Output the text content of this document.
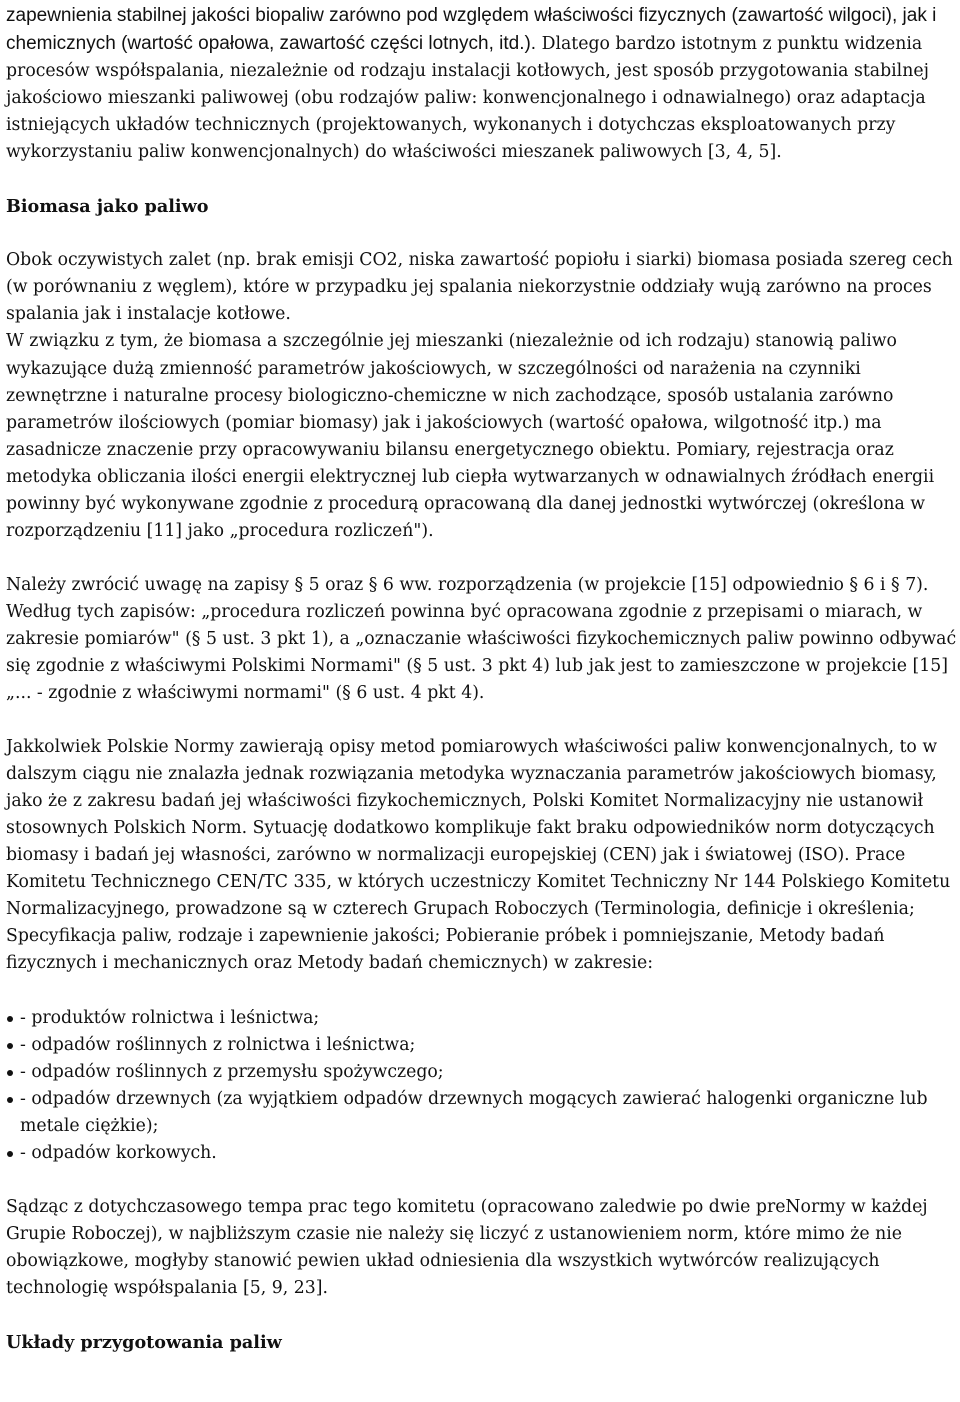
zapewnienia stabilnej jakości biopaliw zarówno pod względem właściwości fizycznych (zawartość wilgoci), jak i chemicznych (wartość opałowa, zawartość części lotnych, itd.). Dlatego bardzo istotnym z punktu widzenia procesów współspalania, niezależnie od rodzaju instalacji kotłowych, jest sposób przygotowania stabilnej jakościowo mieszanki paliwowej (obu rodzajów paliw: konwencjonalnego i odnawialnego) oraz adaptacja istniejących układów technicznych (projektowanych, wykonanych i dotychczas eksploatowanych przy wykorzystaniu paliw konwencjonalnych) do właściwości mieszanek paliwowych [3, 4, 5].

Biomasa jako paliwo

Obok oczywistych zalet (np. brak emisji CO2, niska zawartość popiołu i siarki) biomasa posiada szereg cech (w porównaniu z węglem), które w przypadku jej spalania niekorzystnie oddziały wują zarówno na proces spalania jak i instalacje kotłowe.

W związku z tym, że biomasa a szczególnie jej mieszanki (niezależnie od ich rodzaju) stanowią paliwo wykazujące dużą zmienność parametrów jakościowych, w szczególności od narażenia na czynniki zewnętrzne i naturalne procesy biologiczno-chemiczne w nich zachodzące, sposób ustalania zarówno parametrów ilościowych (pomiar biomasy) jak i jakościowych (wartość opałowa, wilgotność itp.) ma zasadnicze znaczenie przy opracowywaniu bilansu energetycznego obiektu. Pomiary, rejestracja oraz metodyka obliczania ilości energii elektrycznej lub ciepła wytwarzanych w odnawialnych źródłach energii powinny być wykonywane zgodnie z procedurą opracowaną dla danej jednostki wytwórczej (określona w rozporządzeniu [11] jako „procedura rozliczeń").

Należy zwrócić uwagę na zapisy § 5 oraz § 6 ww. rozporządzenia (w projekcie [15] odpowiednio § 6 i § 7). Według tych zapisów: „procedura rozliczeń powinna być opracowana zgodnie z przepisami o miarach, w zakresie pomiarów" (§ 5 ust. 3 pkt 1), a „oznaczanie właściwości fizykochemicznych paliw powinno odbywać się zgodnie z właściwymi Polskimi Normami" (§ 5 ust. 3 pkt 4) lub jak jest to zamieszczone w projekcie [15] „... - zgodnie z właściwymi normami" (§ 6 ust. 4 pkt 4).

Jakkolwiek Polskie Normy zawierają opisy metod pomiarowych właściwości paliw konwencjonalnych, to w dalszym ciągu nie znalazła jednak rozwiązania metodyka wyznaczania parametrów jakościowych biomasy, jako że z zakresu badań jej właściwości fizykochemicznych, Polski Komitet Normalizacyjny nie ustanowił stosownych Polskich Norm. Sytuację dodatkowo komplikuje fakt braku odpowiedników norm dotyczących biomasy i badań jej własności, zarówno w normalizacji europejskiej (CEN) jak i światowej (ISO). Prace Komitetu Technicznego CEN/TC 335, w których uczestniczy Komitet Techniczny Nr 144 Polskiego Komitetu Normalizacyjnego, prowadzone są w czterech Grupach Roboczych (Terminologia, definicje i określenia; Specyfikacja paliw, rodzaje i zapewnienie jakości; Pobieranie próbek i pomniejszanie, Metody badań fizycznych i mechanicznych oraz Metody badań chemicznych) w zakresie:

- produktów rolnictwa i leśnictwa;
- odpadów roślinnych z rolnictwa i leśnictwa;
- odpadów roślinnych z przemysłu spożywczego;
- odpadów drzewnych (za wyjątkiem odpadów drzewnych mogących zawierać halogenki organiczne lub metale ciężkie);
- odpadów korkowych.

Sądząc z dotychczasowego tempa prac tego komitetu (opracowano zaledwie po dwie preNormy w każdej Grupie Roboczej), w najbliższym czasie nie należy się liczyć z ustanowieniem norm, które mimo że nie obowiązkowe, mogłyby stanowić pewien układ odniesienia dla wszystkich wytwórców realizujących technologię współspalania [5, 9, 23].

Układy przygotowania paliw
